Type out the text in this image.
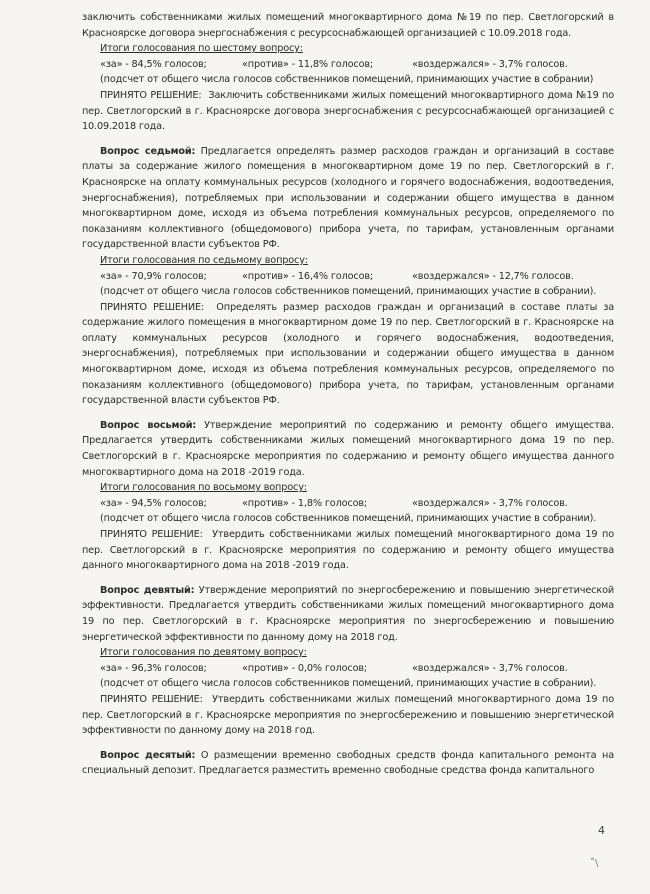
заключить собственниками жилых помещений многоквартирного дома №19 по пер. Светлогорский в Красноярске договора энергоснабжения с ресурсоснабжающей организацией с 10.09.2018 года.

Итоги голосования по шестому вопросу:

«за» - 84,5% голосов;	«против» - 11,8% голосов;	«воздержался» - 3,7% голосов.

(подсчет от общего числа голосов собственников помещений, принимающих участие в собрании)

ПРИНЯТО РЕШЕНИЕ: Заключить собственниками жилых помещений многоквартирного дома №19 по пер. Светлогорский в г. Красноярске договора энергоснабжения с ресурсоснабжающей организацией с 10.09.2018 года.

Вопрос седьмой: Предлагается определять размер расходов граждан и организаций в составе платы за содержание жилого помещения в многоквартирном доме 19 по пер. Светлогорский в г. Красноярске на оплату коммунальных ресурсов (холодного и горячего водоснабжения, водоотведения, энергоснабжения), потребляемых при использовании и содержании общего имущества в данном многоквартирном доме, исходя из объема потребления коммунальных ресурсов, определяемого по показаниям коллективного (общедомового) прибора учета, по тарифам, установленным органами государственной власти субъектов РФ.

Итоги голосования по седьмому вопросу:

«за» - 70,9% голосов;	«против» - 16,4% голосов;	«воздержался» - 12,7% голосов.

(подсчет от общего числа голосов собственников помещений, принимающих участие в собрании).

ПРИНЯТО РЕШЕНИЕ: Определять размер расходов граждан и организаций в составе платы за содержание жилого помещения в многоквартирном доме 19 по пер. Светлогорский в г. Красноярске на оплату коммунальных ресурсов (холодного и горячего водоснабжения, водоотведения, энергоснабжения), потребляемых при использовании и содержании общего имущества в данном многоквартирном доме, исходя из объема потребления коммунальных ресурсов, определяемого по показаниям коллективного (общедомового) прибора учета, по тарифам, установленным органами государственной власти субъектов РФ.

Вопрос восьмой: Утверждение мероприятий по содержанию и ремонту общего имущества. Предлагается утвердить собственниками жилых помещений многоквартирного дома 19 по пер. Светлогорский в г. Красноярске мероприятия по содержанию и ремонту общего имущества данного многоквартирного дома на 2018 -2019 года.

Итоги голосования по восьмому вопросу:

«за» - 94,5% голосов;	«против» - 1,8% голосов;	«воздержался» - 3,7% голосов.

(подсчет от общего числа голосов собственников помещений, принимающих участие в собрании).

ПРИНЯТО РЕШЕНИЕ: Утвердить собственниками жилых помещений многоквартирного дома 19 по пер. Светлогорский в г. Красноярске мероприятия по содержанию и ремонту общего имущества данного многоквартирного дома на 2018 -2019 года.

Вопрос девятый: Утверждение мероприятий по энергосбережению и повышению энергетической эффективности. Предлагается утвердить собственниками жилых помещений многоквартирного дома 19 по пер. Светлогорский в г. Красноярске мероприятия по энергосбережению и повышению энергетической эффективности по данному дому на 2018 год.

Итоги голосования по девятому вопросу:

«за» - 96,3% голосов;	«против» - 0,0% голосов;	«воздержался» - 3,7% голосов.

(подсчет от общего числа голосов собственников помещений, принимающих участие в собрании).

ПРИНЯТО РЕШЕНИЕ: Утвердить собственниками жилых помещений многоквартирного дома 19 по пер. Светлогорский в г. Красноярске мероприятия по энергосбережению и повышению энергетической эффективности по данному дому на 2018 год.

Вопрос десятый: О размещении временно свободных средств фонда капитального ремонта на специальный депозит. Предлагается разместить временно свободные средства фонда капитального

4
˚\
